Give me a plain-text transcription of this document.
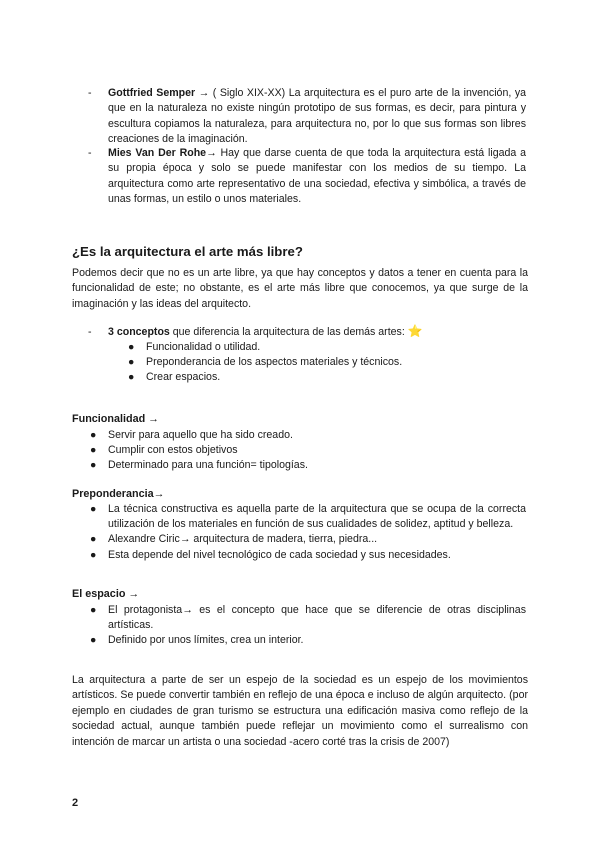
-	Gottfried Semper → ( Siglo XIX-XX) La arquitectura es el puro arte de la invención, ya que en la naturaleza no existe ningún prototipo de sus formas, es decir, para pintura y escultura copiamos la naturaleza, para arquitectura no, por lo que sus formas son libres creaciones de la imaginación.
-	Mies Van Der Rohe→ Hay que darse cuenta de que toda la arquitectura está ligada a su propia época y solo se puede manifestar con los medios de su tiempo. La arquitectura como arte representativo de una sociedad, efectiva y simbólica, a través de unas formas, un estilo o unos materiales.
¿Es la arquitectura el arte más libre?
Podemos decir que no es un arte libre, ya que hay conceptos y datos a tener en cuenta para la funcionalidad de este; no obstante, es el arte más libre que conocemos, ya que surge de la imaginación y las ideas del arquitecto.
-	3 conceptos que diferencia la arquitectura de las demás artes: ⭐
● Funcionalidad o utilidad.
● Preponderancia de los aspectos materiales y técnicos.
● Crear espacios.
Funcionalidad →
● Servir para aquello que ha sido creado.
● Cumplir con estos objetivos
● Determinado para una función= tipologías.
Preponderancia→
● La técnica constructiva es aquella parte de la arquitectura que se ocupa de la correcta utilización de los materiales en función de sus cualidades de solidez, aptitud y belleza.
● Alexandre Ciric→ arquitectura de madera, tierra, piedra...
● Esta depende del nivel tecnológico de cada sociedad y sus necesidades.
El espacio →
● El protagonista→ es el concepto que hace que se diferencie de otras disciplinas artísticas.
● Definido por unos límites, crea un interior.
La arquitectura a parte de ser un espejo de la sociedad es un espejo de los movimientos artísticos. Se puede convertir también en reflejo de una época e incluso de algún arquitecto. (por ejemplo en ciudades de gran turismo se estructura una edificación masiva como reflejo de la sociedad actual, aunque también puede reflejar un movimiento como el surrealismo con intención de marcar un artista o una sociedad -acero corté tras la crisis de 2007)
2
